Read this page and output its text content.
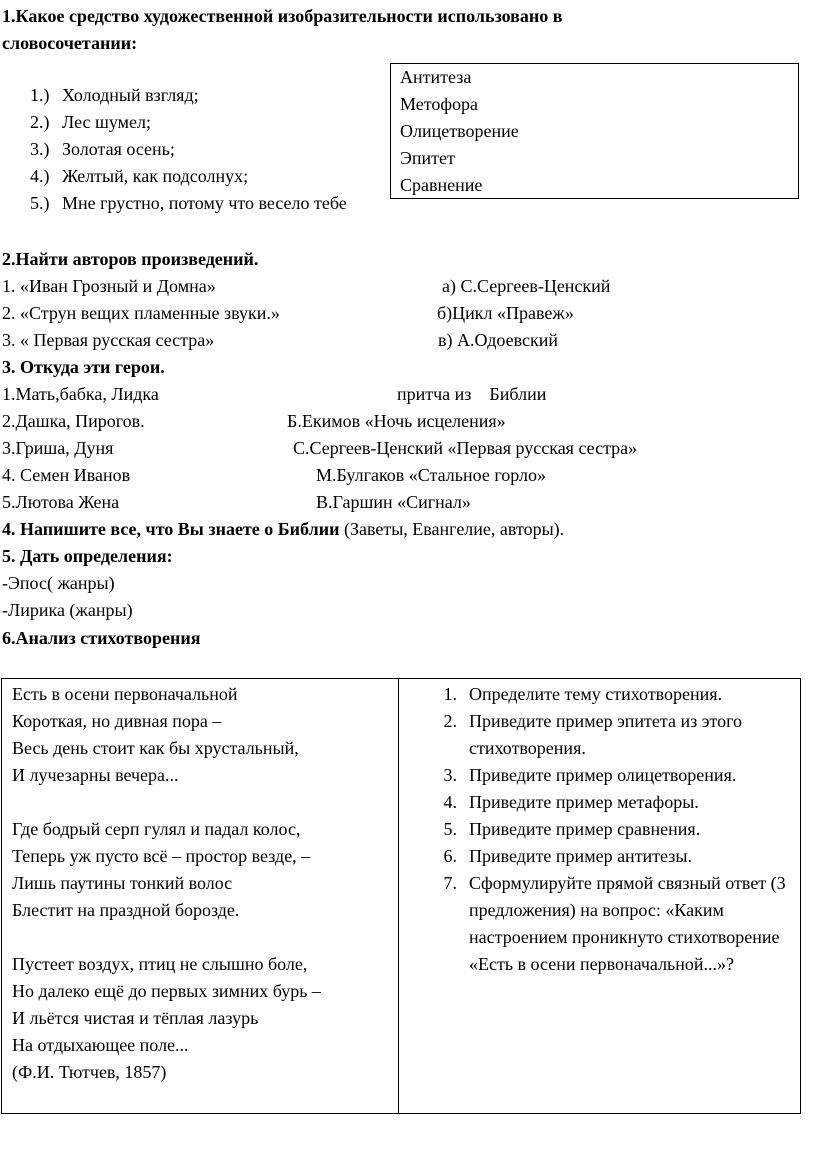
1.Какое средство художественной изобразительности использовано в словосочетании:
1.) Холодный взгляд;
2.) Лес шумел;
3.) Золотая осень;
4.) Желтый, как подсолнух;
5.) Мне грустно, потому что весело тебе
Антитеза
Метофора
Олицетворение
Эпитет
Сравнение
2.Найти авторов произведений.
1. «Иван Грозный и Домна»
2. «Струн вещих пламенные звуки.»
3. « Первая русская сестра»
а) С.Сергеев-Ценский
б)Цикл «Правеж»
в) А.Одоевский
3. Откуда эти герои.
1.Мать,бабка, Лидка
2.Дашка, Пирогов.
3.Гриша, Дуня
4. Семен Иванов
5.Лютова Жена
притча из    Библии
Б.Екимов «Ночь исцеления»
С.Сергеев-Ценский «Первая русская сестра»
М.Булгаков «Стальное горло»
В.Гаршин «Сигнал»
4. Напишите все, что Вы знаете о Библии (Заветы, Евангелие, авторы).
5. Дать определения:
-Эпос( жанры)
-Лирика (жанры)
6.Анализ стихотворения
Есть в осени первоначальной
Короткая, но дивная пора –
Весь день стоит как бы хрустальный,
И лучезарны вечера...
Где бодрый серп гулял и падал колос,
Теперь уж пусто всё – простор везде, –
Лишь паутины тонкий волос
Блестит на праздной борозде.
Пустеет воздух, птиц не слышно боле,
Но далеко ещё до первых зимних бурь –
И льётся чистая и тёплая лазурь
На отдыхающее поле...
(Ф.И. Тютчев, 1857)
1. Определите тему стихотворения.
2. Приведите пример эпитета из этого стихотворения.
3. Приведите пример олицетворения.
4. Приведите пример метафоры.
5. Приведите пример сравнения.
6. Приведите пример антитезы.
7. Сформулируйте прямой связный ответ (3 предложения) на вопрос: «Каким настроением проникнуто стихотворение «Есть в осени первоначальной...»?
